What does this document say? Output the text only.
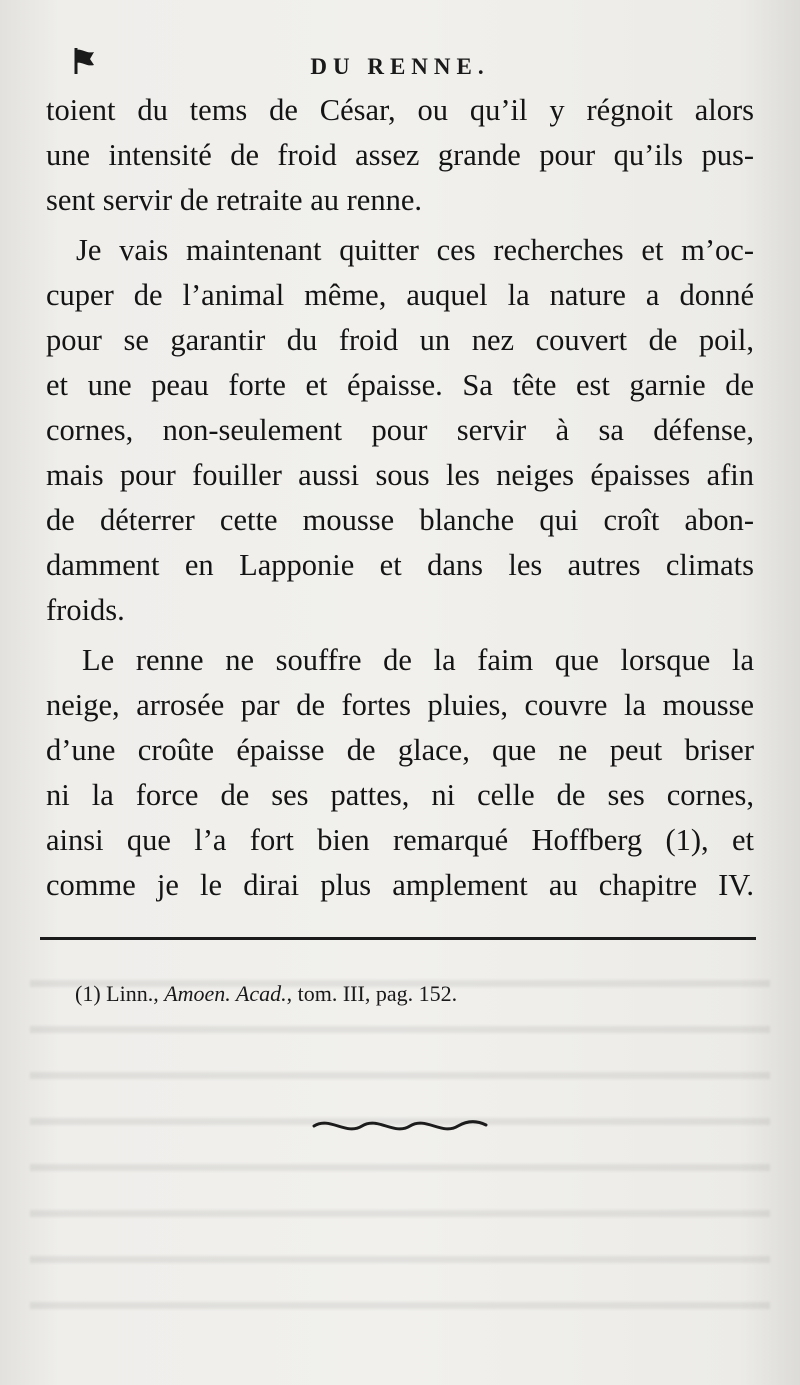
DU RENNE.
toient du tems de César, ou qu’il y régnoit alors
une intensité de froid assez grande pour qu’ils pus-
sent servir de retraite au renne.
Je vais maintenant quitter ces recherches et m’oc-
cuper de l’animal même, auquel la nature a donné
pour se garantir du froid un nez couvert de poil,
et une peau forte et épaisse. Sa tête est garnie de
cornes, non-seulement pour servir à sa défense,
mais pour fouiller aussi sous les neiges épaisses afin
de déterrer cette mousse blanche qui croît abon-
damment en Lapponie et dans les autres climats
froids.
Le renne ne souffre de la faim que lorsque la
neige, arrosée par de fortes pluies, couvre la mousse
d’une croûte épaisse de glace, que ne peut briser
ni la force de ses pattes, ni celle de ses cornes,
ainsi que l’a fort bien remarqué Hoffberg (1), et
comme je le dirai plus amplement au chapitre IV.
(1) Linn., Amoen. Acad., tom. III, pag. 152.
